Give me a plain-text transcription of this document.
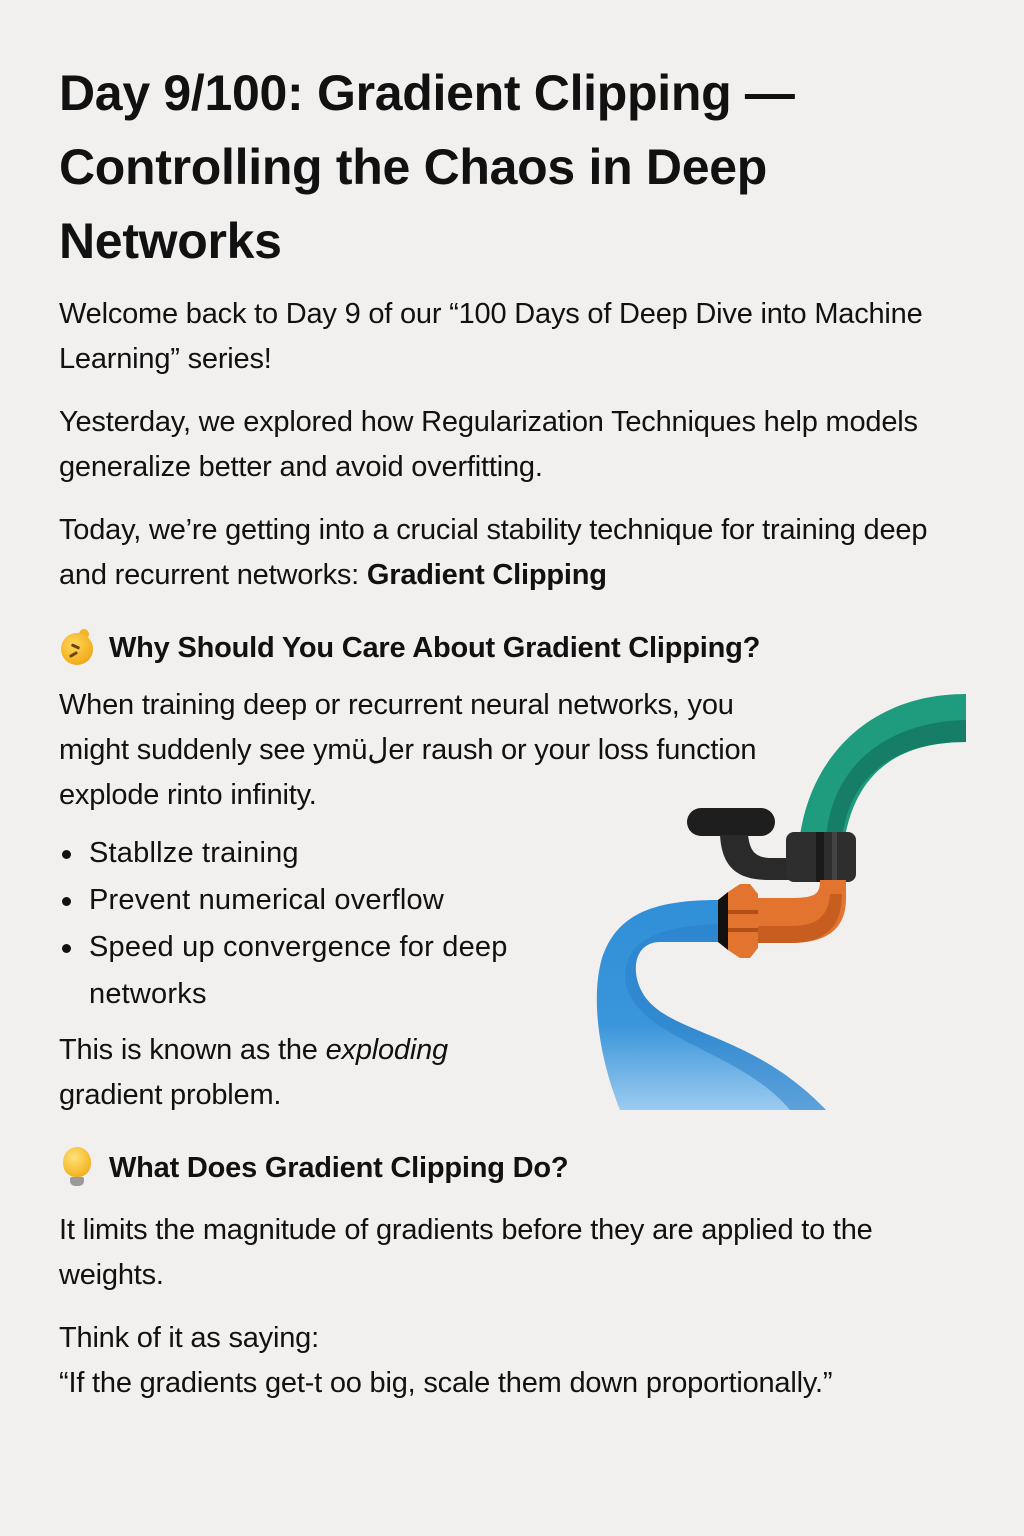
Day 9/100: Gradient Clipping — Controlling the Chaos in Deep Networks

Welcome back to Day 9 of our “100 Days of Deep Dive into Machine Learning” series!

Yesterday, we explored how Regularization Techniques help models generalize better and avoid overfitting.

Today, we’re getting into a crucial stability technique for training deep and recurrent networks: Gradient Clipping

Why Should You Care About Gradient Clipping?

When training deep or recurrent neural networks, you might suddenly see ymüلer raush or your loss function explode rinto infinity.

Stabllze training
Prevent numerical overflow
Speed up convergence for deep networks

This is known as the exploding gradient problem.

What Does Gradient Clipping Do?

It limits the magnitude of gradients before they are applied to the weights.

Think of it as saying:

“If the gradients get-t oo big, scale them down proportionally.”
